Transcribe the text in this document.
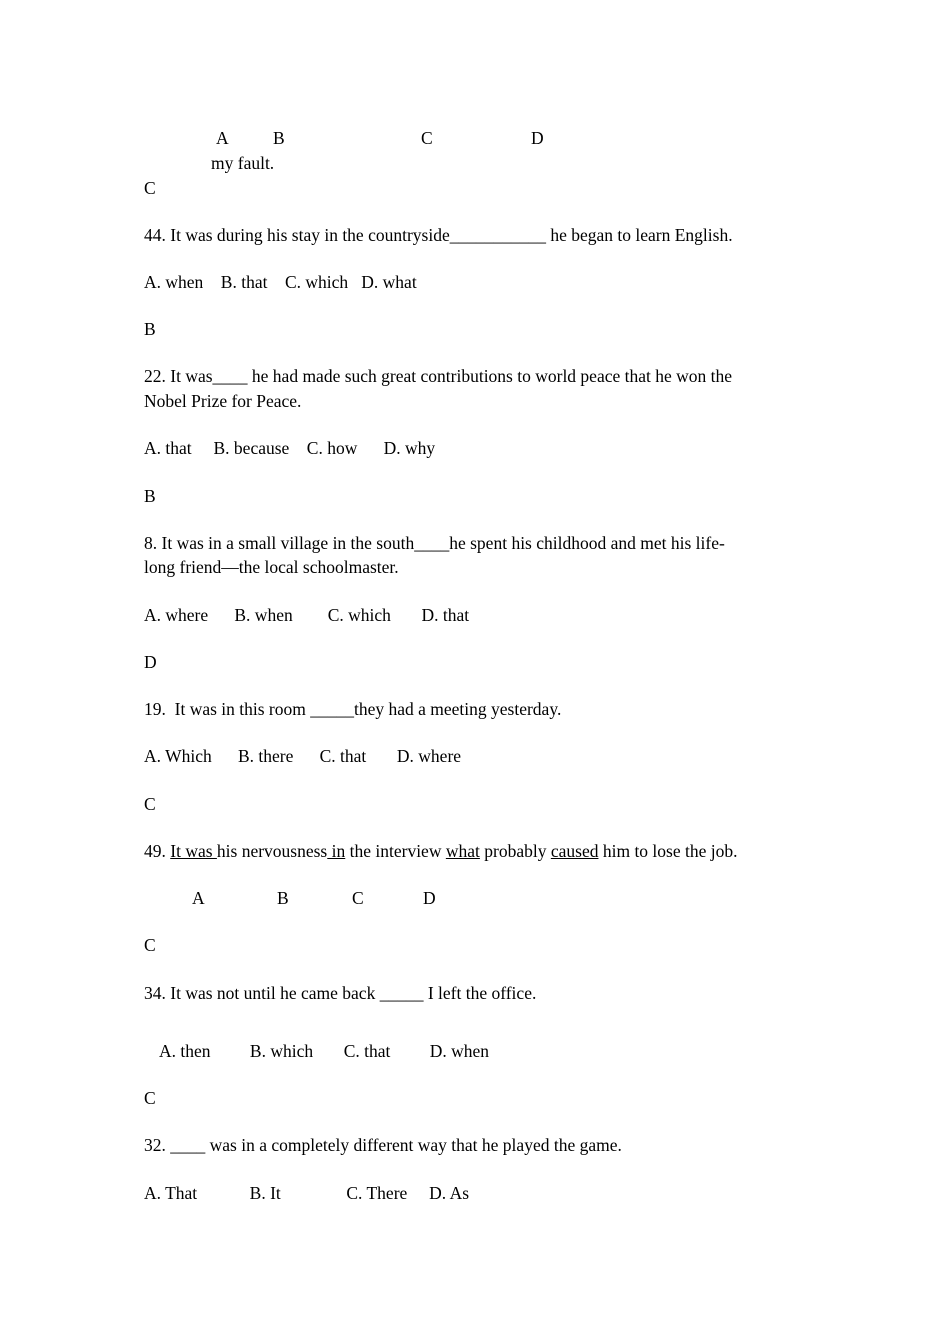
A	B	C	D
my fault.
C
44. It was during his stay in the countryside___________ he began to learn English.
A. when    B. that    C. which   D. what
B
22. It was____ he had made such great contributions to world peace that he won the
Nobel Prize for Peace.
A. that     B. because    C. how      D. why
B
8. It was in a small village in the south____he spent his childhood and met his life-
long friend—the local schoolmaster.
A. where      B. when        C. which       D. that
D
19.  It was in this room _____they had a meeting yesterday.
A. Which      B. there      C. that       D. where
C
49. It was his nervousness in the interview what probably caused him to lose the job.
A	B	C	D
C
34. It was not until he came back _____ I left the office.
A. then         B. which       C. that         D. when
C
32. ____ was in a completely different way that he played the game.
A. That            B. It               C. There     D. As
